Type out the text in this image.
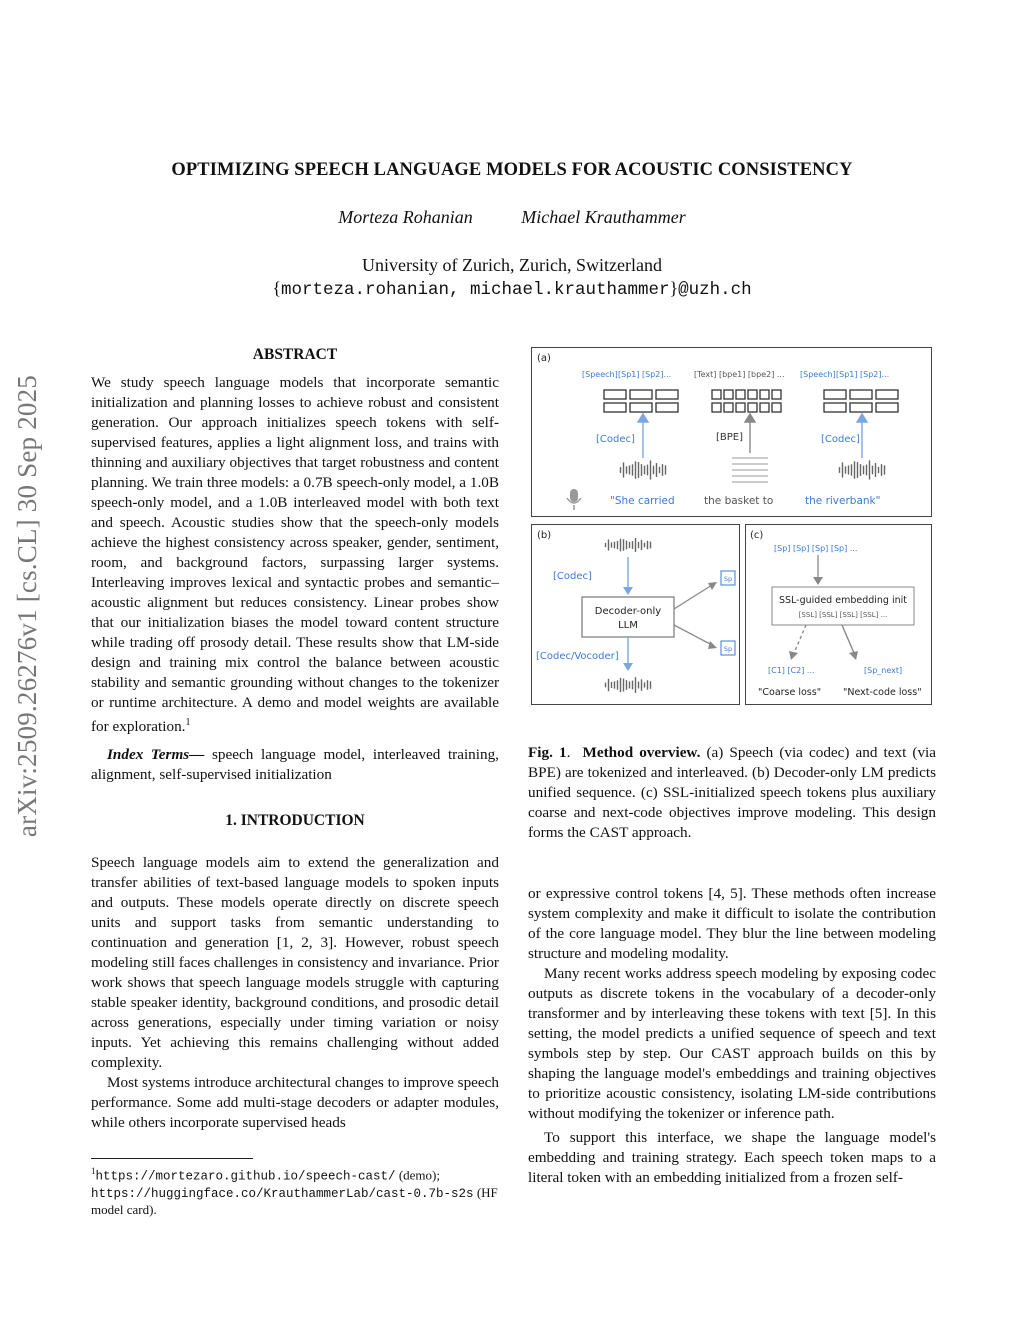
arXiv:2509.26276v1 [cs.CL] 30 Sep 2025
OPTIMIZING SPEECH LANGUAGE MODELS FOR ACOUSTIC CONSISTENCY
Morteza Rohanian	Michael Krauthammer
University of Zurich, Zurich, Switzerland
{morteza.rohanian, michael.krauthammer}@uzh.ch
ABSTRACT

We study speech language models that incorporate semantic initialization and planning losses to achieve robust and consistent generation. Our approach initializes speech tokens with self-supervised features, applies a light alignment loss, and trains with thinning and auxiliary objectives that target robustness and content planning. We train three models: a 0.7B speech-only model, a 1.0B speech-only model, and a 1.0B interleaved model with both text and speech. Acoustic studies show that the speech-only models achieve the highest consistency across speaker, gender, sentiment, room, and background factors, surpassing larger systems. Interleaving improves lexical and syntactic probes and semantic–acoustic alignment but reduces consistency. Linear probes show that our initialization biases the model toward content structure while trading off prosody detail. These results show that LM-side design and training mix control the balance between acoustic stability and semantic grounding without changes to the tokenizer or runtime architecture. A demo and model weights are available for exploration.$^1$

Index Terms— speech language model, interleaved training, alignment, self-supervised initialization

1. INTRODUCTION

Speech language models aim to extend the generalization and transfer abilities of text-based language models to spoken inputs and outputs. These models operate directly on discrete speech units and support tasks from semantic understanding to continuation and generation [1, 2, 3]. However, robust speech modeling still faces challenges in consistency and invariance. Prior work shows that speech language models struggle with capturing stable speaker identity, background conditions, and prosodic detail across generations, especially under timing variation or noisy inputs. Yet achieving this remains challenging without added complexity.

Most systems introduce architectural changes to improve speech performance. Some add multi-stage decoders or adapter modules, while others incorporate supervised heads

$^1$https://mortezaro.github.io/speech-cast/ (demo); https://huggingface.co/KrauthammerLab/cast-0.7b-s2s (HF model card).
(a)
[Speech] [Sp1] [Sp2]...	[Text] [bpe1] [bpe2] ... [Speech] [Sp1] [Sp2]...
[Codec]	[BPE]	[Codec]
"She carried	the basket to	the riverbank"
(b)
[Codec]
Decoder-only
LLM
Sp
Sp
[Codec/Vocoder]
(c)
[Sp] [Sp] [Sp] [Sp] ...
SSL-guided embedding init
[SSL] [SSL] [SSL] [SSL] ...
[C1] [C2] ...	[Sp_next]
"Coarse loss" "Next-code loss"

Fig. 1.  Method overview. (a) Speech (via codec) and text (via BPE) are tokenized and interleaved. (b) Decoder-only LM predicts unified sequence. (c) SSL-initialized speech tokens plus auxiliary coarse and next-code objectives improve modeling. This design forms the CAST approach.

or expressive control tokens [4, 5]. These methods often increase system complexity and make it difficult to isolate the contribution of the core language model. They blur the line between modeling structure and modeling modality.

Many recent works address speech modeling by exposing codec outputs as discrete tokens in the vocabulary of a decoder-only transformer and by interleaving these tokens with text [5]. In this setting, the model predicts a unified sequence of speech and text symbols step by step. Our CAST approach builds on this by shaping the language model's embeddings and training objectives to prioritize acoustic consistency, isolating LM-side contributions without modifying the tokenizer or inference path.

To support this interface, we shape the language model's embedding and training strategy. Each speech token maps to a literal token with an embedding initialized from a frozen self-
